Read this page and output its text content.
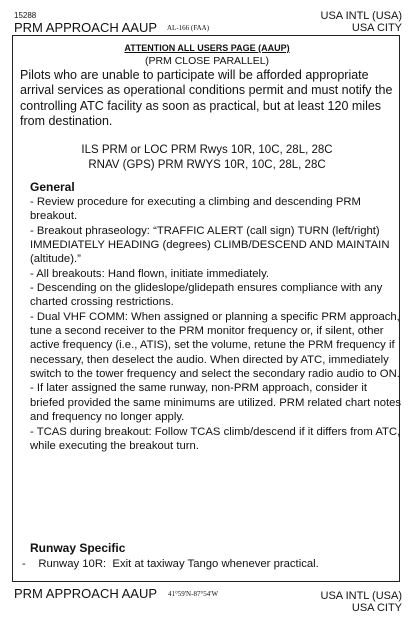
15288
PRM APPROACH AAUP AL-166 (FAA)
USA INTL (USA)
USA CITY
ATTENTION ALL USERS PAGE (AAUP)
(PRM CLOSE PARALLEL)
Pilots who are unable to participate will be afforded appropriate arrival services as operational conditions permit and must notify the controlling ATC facility as soon as practical, but at least 120 miles from destination.
ILS PRM or LOC PRM Rwys 10R, 10C, 28L, 28C
RNAV (GPS) PRM RWYS 10R, 10C, 28L, 28C
General

- Review procedure for executing a climbing and descending PRM breakout.

- Breakout phraseology: “TRAFFIC ALERT (call sign) TURN (left/right) IMMEDIATELY HEADING (degrees) CLIMB/DESCEND AND MAINTAIN (altitude).”

- All breakouts: Hand flown, initiate immediately.

- Descending on the glideslope/glidepath ensures compliance with any charted crossing restrictions.

- Dual VHF COMM: When assigned or planning a specific PRM approach, tune a second receiver to the PRM monitor frequency or, if silent, other active frequency (i.e., ATIS), set the volume, retune the PRM frequency if necessary, then deselect the audio. When directed by ATC, immediately switch to the tower frequency and select the secondary radio audio to ON.

- If later assigned the same runway, non-PRM approach, consider it briefed provided the same minimums are utilized. PRM related chart notes and frequency no longer apply.

- TCAS during breakout: Follow TCAS climb/descend if it differs from ATC, while executing the breakout turn.

Runway Specific
-    Runway 10R:  Exit at taxiway Tango whenever practical.
PRM APPROACH AAUP 41°59'N-87°54'W	USA INTL (USA)
USA CITY
